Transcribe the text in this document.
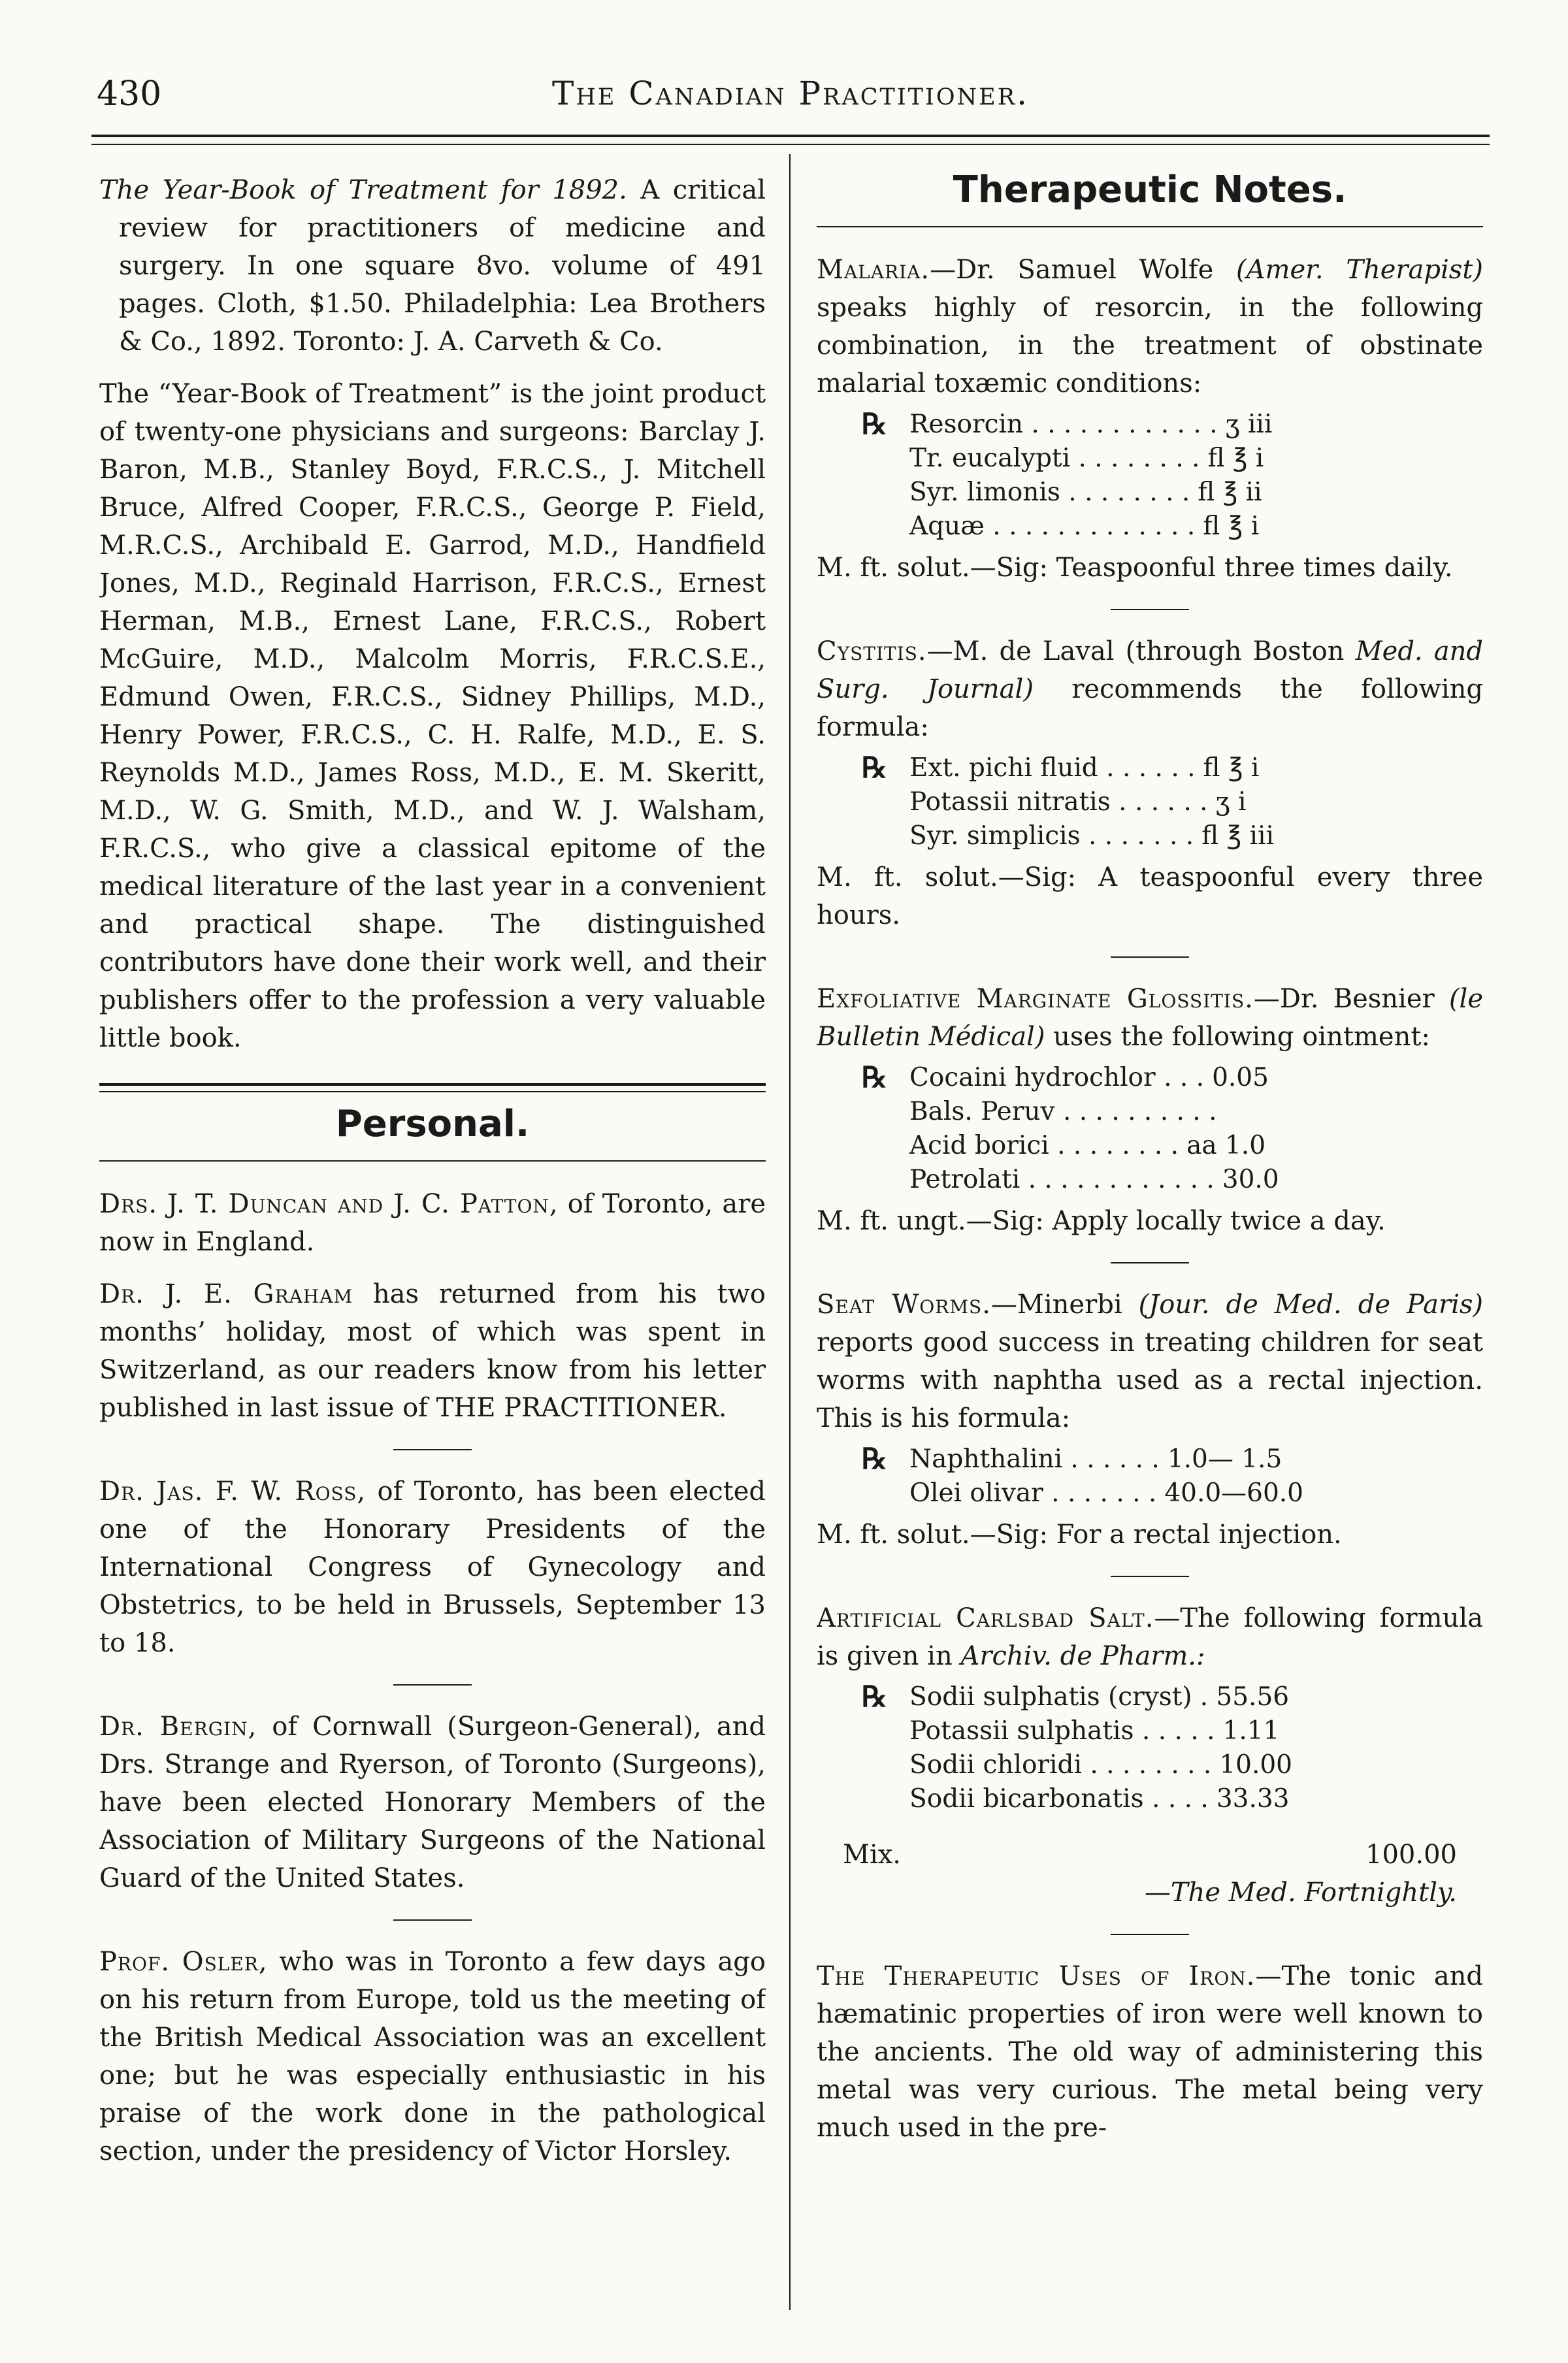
430	The Canadian Practitioner.

The Year-Book of Treatment for 1892. A critical review for practitioners of medicine and surgery. In one square 8vo. volume of 491 pages. Cloth, $1.50. Philadelphia: Lea Brothers & Co., 1892. Toronto: J. A. Carveth & Co.

The “Year-Book of Treatment” is the joint product of twenty-one physicians and surgeons: Barclay J. Baron, M.B., Stanley Boyd, F.R.C.S., J. Mitchell Bruce, Alfred Cooper, F.R.C.S., George P. Field, M.R.C.S., Archibald E. Garrod, M.D., Handfield Jones, M.D., Reginald Harrison, F.R.C.S., Ernest Herman, M.B., Ernest Lane, F.R.C.S., Robert McGuire, M.D., Malcolm Morris, F.R.C.S.E., Edmund Owen, F.R.C.S., Sidney Phillips, M.D., Henry Power, F.R.C.S., C. H. Ralfe, M.D., E. S. Reynolds M.D., James Ross, M.D., E. M. Skeritt, M.D., W. G. Smith, M.D., and W. J. Walsham, F.R.C.S., who give a classical epitome of the medical literature of the last year in a convenient and practical shape. The distinguished contributors have done their work well, and their publishers offer to the profession a very valuable little book.

Personal.

Drs. J. T. Duncan and J. C. Patton, of Toronto, are now in England.

Dr. J. E. Graham has returned from his two months’ holiday, most of which was spent in Switzerland, as our readers know from his letter published in last issue of THE PRACTITIONER.

Dr. Jas. F. W. Ross, of Toronto, has been elected one of the Honorary Presidents of the International Congress of Gynecology and Obstetrics, to be held in Brussels, September 13 to 18.

Dr. Bergin, of Cornwall (Surgeon-General), and Drs. Strange and Ryerson, of Toronto (Surgeons), have been elected Honorary Members of the Association of Military Surgeons of the National Guard of the United States.

Prof. Osler, who was in Toronto a few days ago on his return from Europe, told us the meeting of the British Medical Association was an excellent one; but he was especially enthusiastic in his praise of the work done in the pathological section, under the presidency of Victor Horsley.

Therapeutic Notes.

Malaria.—Dr. Samuel Wolfe (Amer. Therapist) speaks highly of resorcin, in the following combination, in the treatment of obstinate malarial toxæmic conditions:

℞ Resorcin . . . . . . . . . . . . ʒ iii
Tr. eucalypti . . . . . . . . fl ℥ i
Syr. limonis . . . . . . . . fl ℥ ii
Aquæ . . . . . . . . . . . . . fl ℥ i

M. ft. solut.—Sig: Teaspoonful three times daily.

Cystitis.—M. de Laval (through Boston Med. and Surg. Journal) recommends the following formula:

℞ Ext. pichi fluid . . . . . . fl ℥ i
Potassii nitratis . . . . . . ʒ i
Syr. simplicis . . . . . . . fl ℥ iii

M. ft. solut.—Sig: A teaspoonful every three hours.

Exfoliative Marginate Glossitis.—Dr. Besnier (le Bulletin Médical) uses the following ointment:

℞ Cocaini hydrochlor . . . 0.05
Bals. Peruv . . . . . . . . . .
Acid borici . . . . . . . . aa 1.0
Petrolati . . . . . . . . . . . . 30.0

M. ft. ungt.—Sig: Apply locally twice a day.

Seat Worms.—Minerbi (Jour. de Med. de Paris) reports good success in treating children for seat worms with naphtha used as a rectal injection. This is his formula:

℞ Naphthalini . . . . . . 1.0— 1.5
Olei olivar . . . . . . . 40.0—60.0

M. ft. solut.—Sig: For a rectal injection.

Artificial Carlsbad Salt.—The following formula is given in Archiv. de Pharm.:

℞ Sodii sulphatis (cryst) . 55.56
Potassii sulphatis . . . . . 1.11
Sodii chloridi . . . . . . . . 10.00
Sodii bicarbonatis . . . . 33.33
Mix.	100.00

—The Med. Fortnightly.

The Therapeutic Uses of Iron.—The tonic and hæmatinic properties of iron were well known to the ancients. The old way of administering this metal was very curious. The metal being very much used in the pre-
